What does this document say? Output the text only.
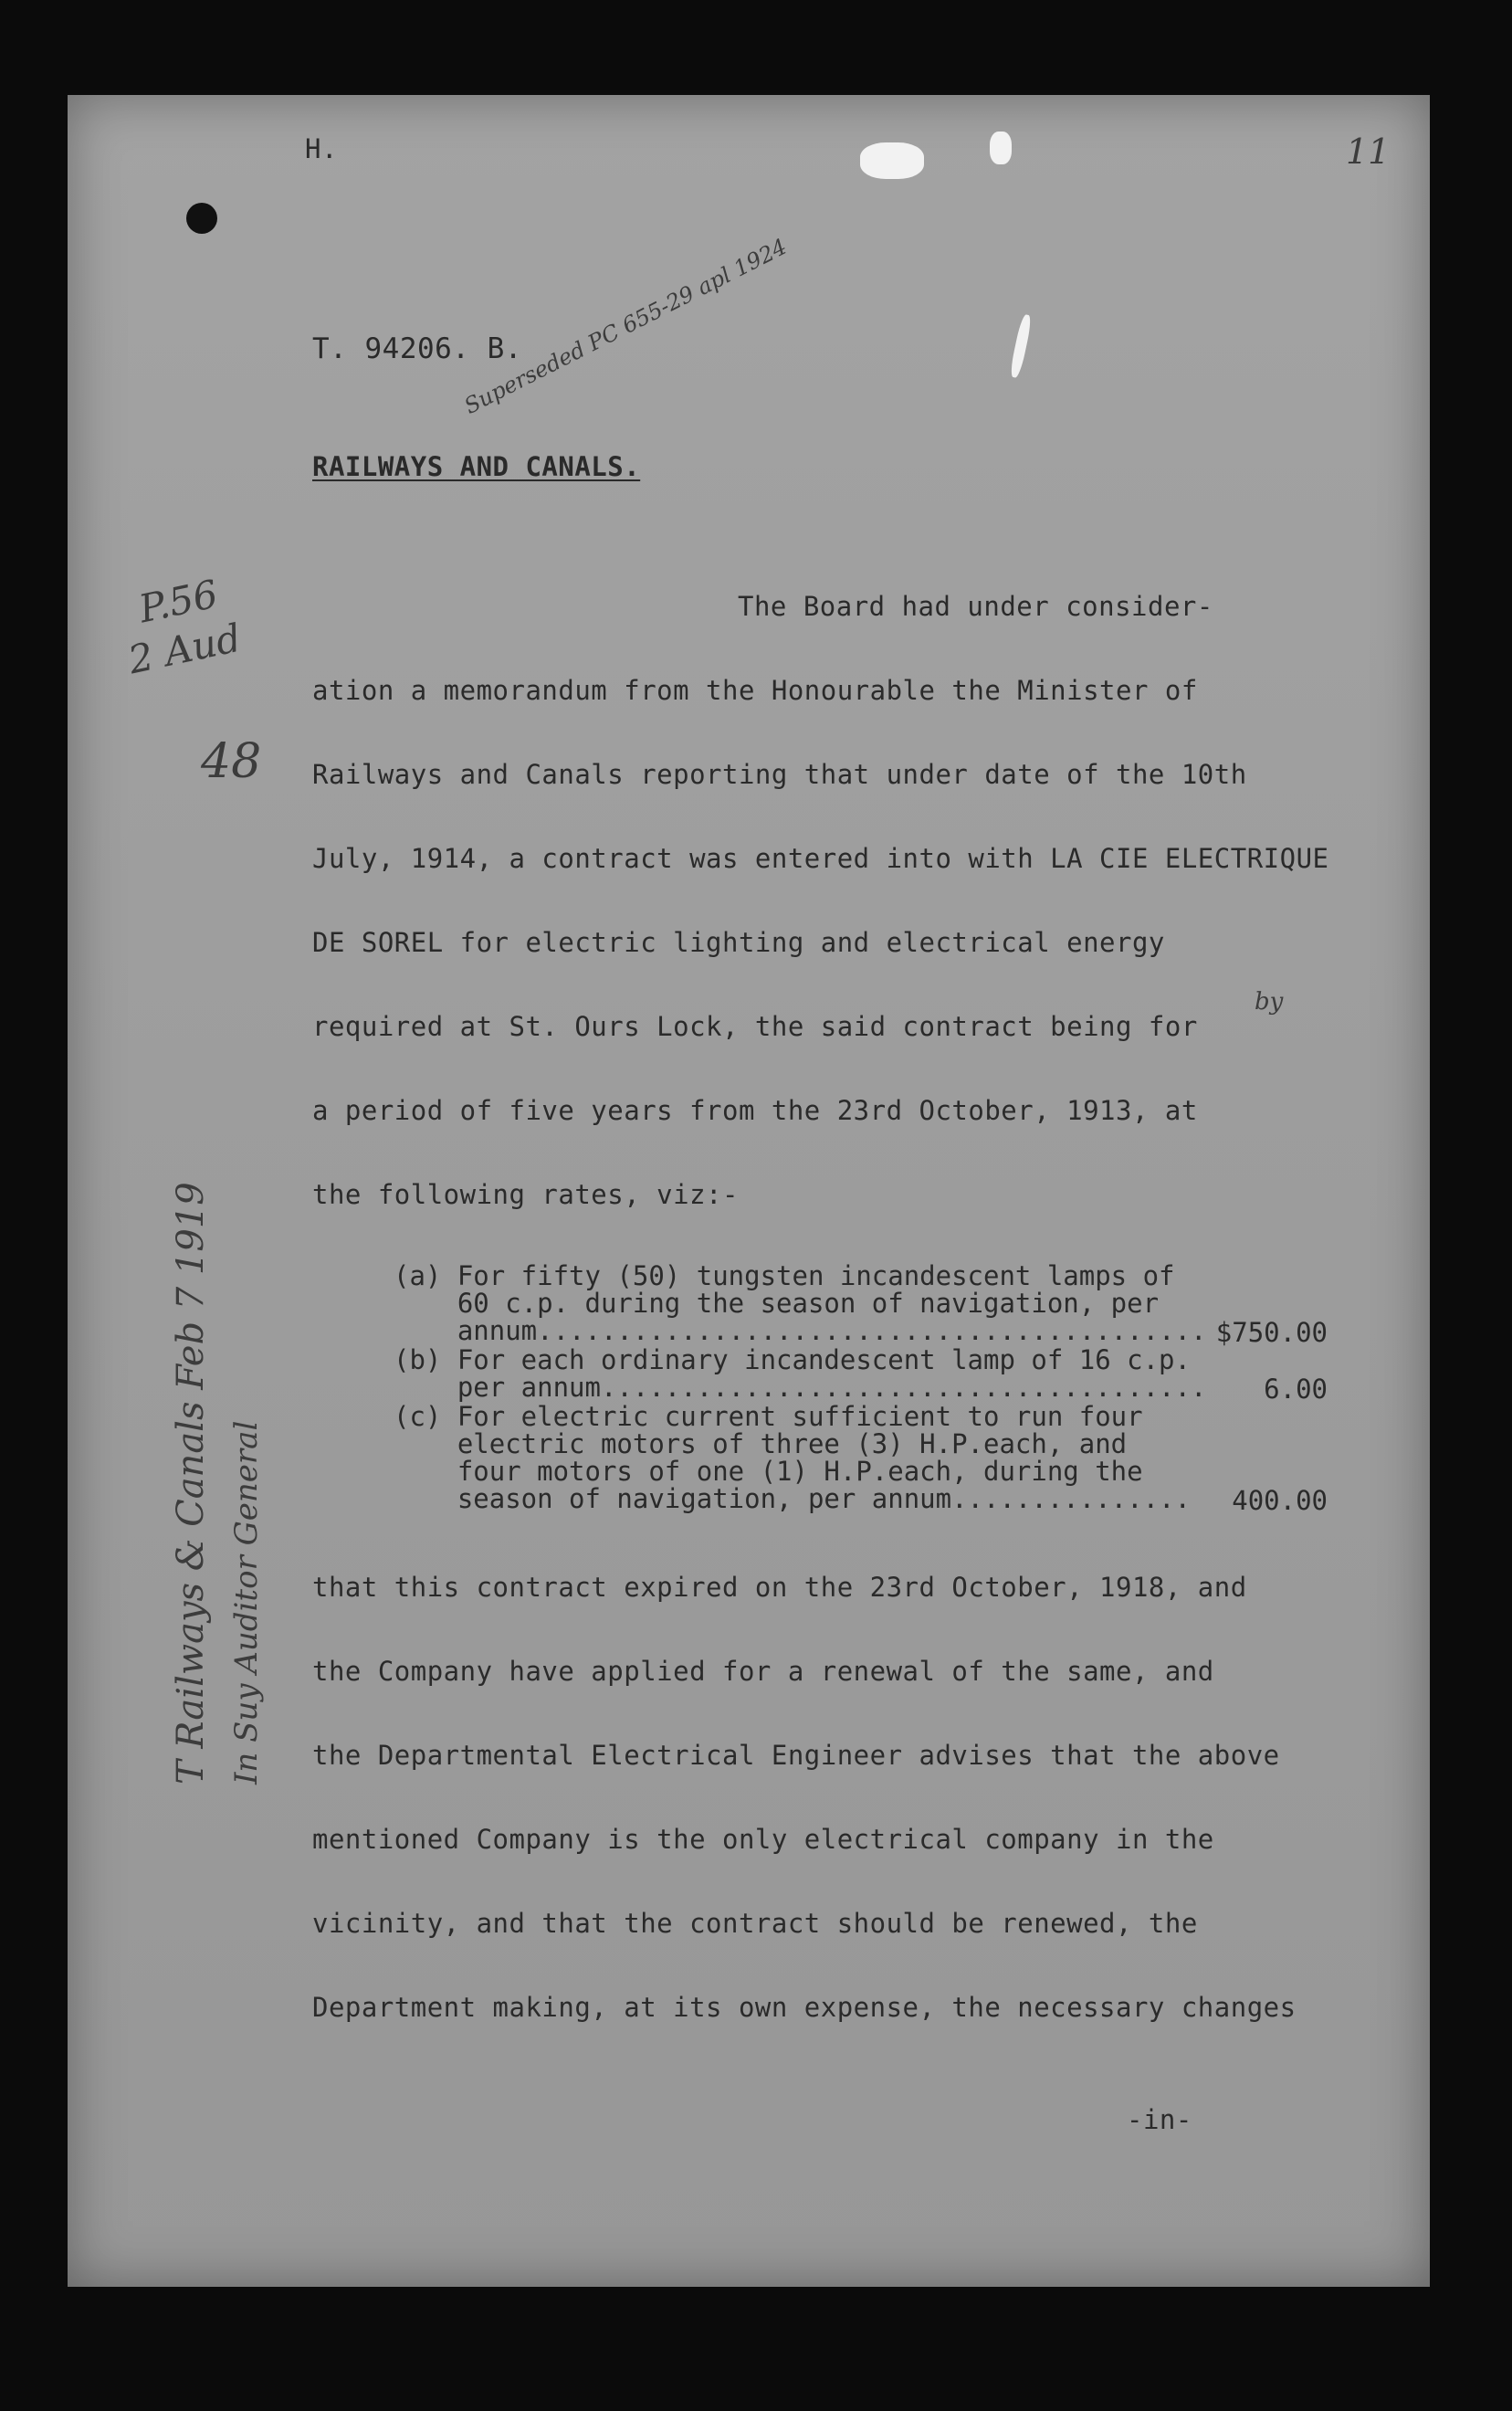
H.	11
T. 94206. B.
Superseded PC 655-29 apl 1924
RAILWAYS AND CANALS.
P.56
2 Aud
48
T Railways & Canals Feb 7 1919 In Suy Auditor General
The Board had under consider-
ation a memorandum from the Honourable the Minister of
Railways and Canals reporting that under date of the 10th
July, 1914, a contract was entered into with LA CIE ELECTRIQUE
DE SOREL for electric lighting and electrical energy
required at St. Ours Lock, the said contract being for
by
a period of five years from the 23rd October, 1913, at
the following rates, viz:-
(a) For fifty (50) tungsten incandescent lamps of
60 c.p. during the season of navigation, per
annum.......................................... $750.00
(b) For each ordinary incandescent lamp of 16 c.p.
per annum......................................	6.00
(c) For electric current sufficient to run four
electric motors of three (3) H.P.each, and
four motors of one (1) H.P.each, during the
season of navigation, per annum...............	400.00
that this contract expired on the 23rd October, 1918, and
the Company have applied for a renewal of the same, and
the Departmental Electrical Engineer advises that the above
mentioned Company is the only electrical company in the
vicinity, and that the contract should be renewed, the
Department making, at its own expense, the necessary changes
-in-
